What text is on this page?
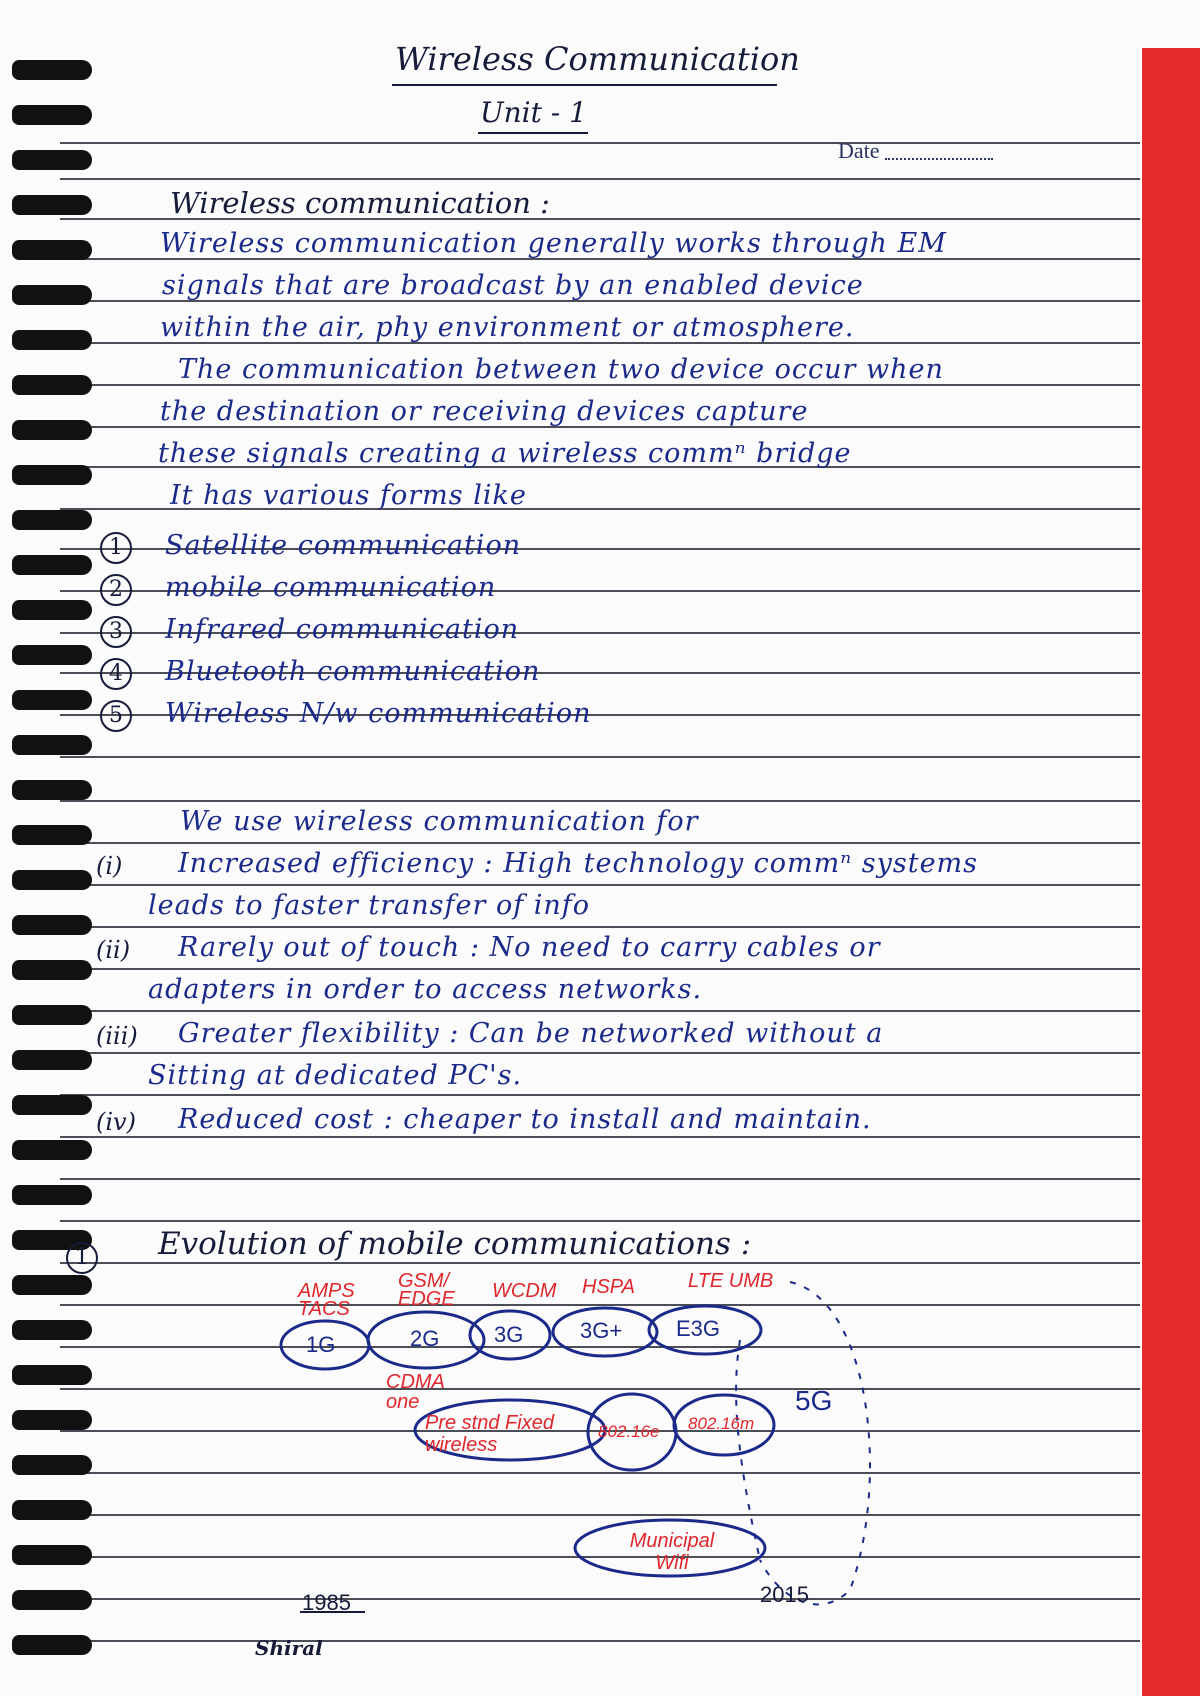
Wireless Communication
Unit - 1
Date
Wireless communication :
Wireless communication generally works through EM
signals that are broadcast by an enabled device
within the air, phy environment or atmosphere.
The communication between two device occur when
the destination or receiving devices capture
these signals creating a wireless commⁿ bridge
It has various forms like
1	Satellite communication
2	mobile communication
3	Infrared communication
4	Bluetooth communication
5	Wireless N/w communication
We use wireless communication for
(i) Increased efficiency : High technology commⁿ systems
leads to faster transfer of info
(ii) Rarely out of touch : No need to carry cables or
adapters in order to access networks.
(iii) Greater flexibility : Can be networked without a
Sitting at dedicated PC's.
(iv) Reduced cost : cheaper to install and maintain.
1 Evolution of mobile communications :
AMPS TACS
GSM/ EDGE	WCDM HSPA	LTE UMB
CDMA one
Pre stnd Fixed wireless
Municipal Wifi
802.16e 802.16m
1G	2G 3G	3G+ E3G
5G
1985	2015
Shiral
